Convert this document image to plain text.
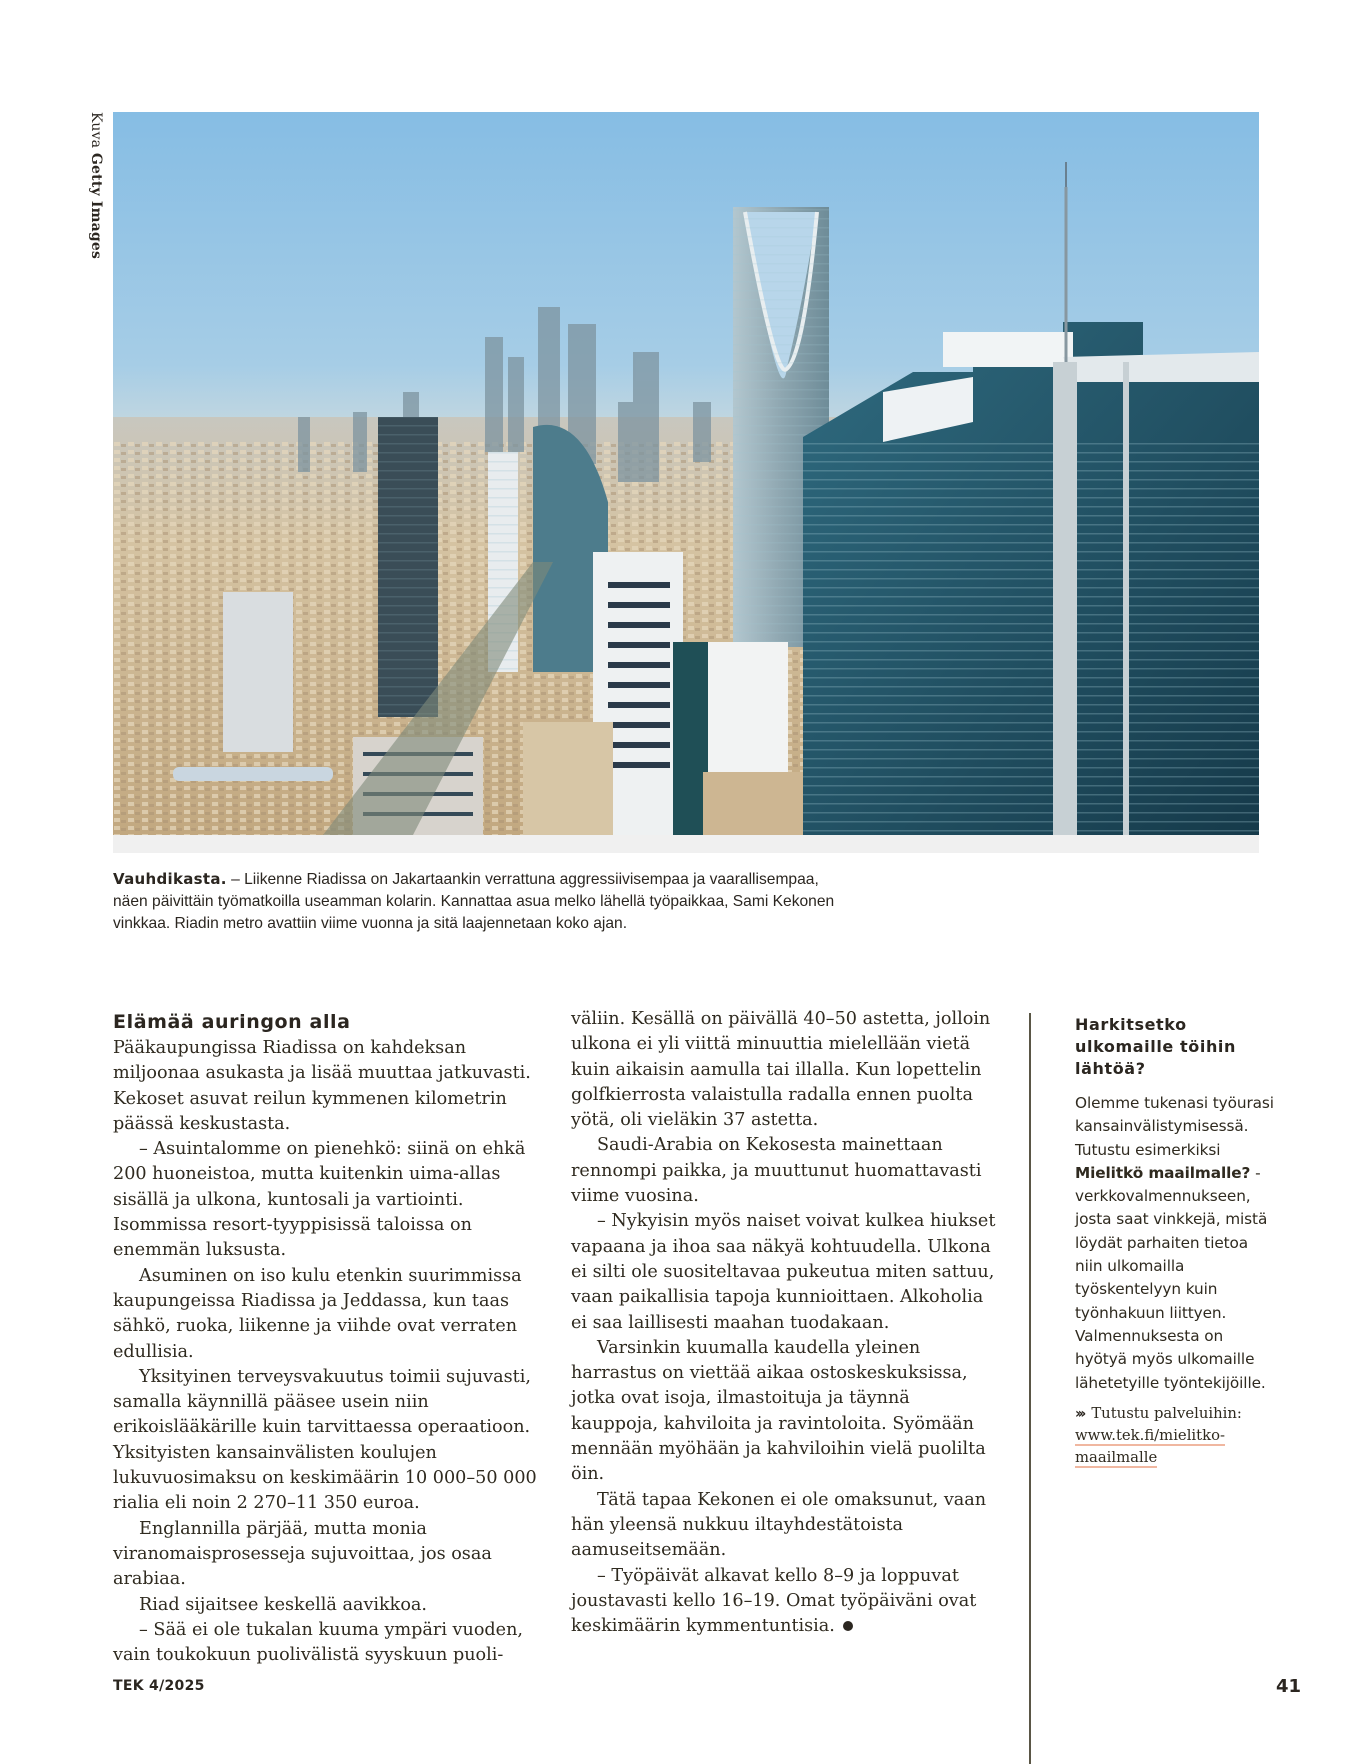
Kuva Getty Images
Vauhdikasta. – Liikenne Riadissa on Jakartaankin verrattuna aggressiivisempaa ja vaarallisempaa, näen päivittäin työmatkoilla useamman kolarin. Kannattaa asua melko lähellä työpaikkaa, Sami Kekonen vinkkaa. Riadin metro avattiin viime vuonna ja sitä laajennetaan koko ajan.
Elämää auringon alla

Pääkaupungissa Riadissa on kahdeksan miljoonaa asukasta ja lisää muuttaa jatkuvasti. Kekoset asuvat reilun kymmenen kilometrin päässä keskustasta.

– Asuintalomme on pienehkö: siinä on ehkä 200 huoneistoa, mutta kuitenkin uima-allas sisällä ja ulkona, kuntosali ja vartiointi. Isommissa resort-tyyppisissä taloissa on enemmän luksusta.

Asuminen on iso kulu etenkin suurimmissa kaupungeissa Riadissa ja Jeddassa, kun taas sähkö, ruoka, liikenne ja viihde ovat verraten edullisia.

Yksityinen terveysvakuutus toimii sujuvasti, samalla käynnillä pääsee usein niin erikoislääkärille kuin tarvittaessa operaatioon. Yksityisten kansainvälisten koulujen lukuvuosimaksu on keskimäärin 10 000–50 000 rialia eli noin 2 270–11 350 euroa.

Englannilla pärjää, mutta monia viranomaisprosesseja sujuvoittaa, jos osaa arabiaa.

Riad sijaitsee keskellä aavikkoa.

– Sää ei ole tukalan kuuma ympäri vuoden, vain toukokuun puolivälistä syyskuun puoli-

väliin. Kesällä on päivällä 40–50 astetta, jolloin ulkona ei yli viittä minuuttia mielellään vietä kuin aikaisin aamulla tai illalla. Kun lopettelin golfkierrosta valaistulla radalla ennen puolta yötä, oli vieläkin 37 astetta.

Saudi-Arabia on Kekosesta mainettaan rennompi paikka, ja muuttunut huomattavasti viime vuosina.

– Nykyisin myös naiset voivat kulkea hiukset vapaana ja ihoa saa näkyä kohtuudella. Ulkona ei silti ole suositeltavaa pukeutua miten sattuu, vaan paikallisia tapoja kunnioittaen. Alkoholia ei saa laillisesti maahan tuodakaan.

Varsinkin kuumalla kaudella yleinen harrastus on viettää aikaa ostoskeskuksissa, jotka ovat isoja, ilmastoituja ja täynnä kauppoja, kahviloita ja ravintoloita. Syömään mennään myöhään ja kahviloihin vielä puolilta öin.

Tätä tapaa Kekonen ei ole omaksunut, vaan hän yleensä nukkuu iltayhdestätoista aamuseitsemään.

– Työpäivät alkavat kello 8–9 ja loppuvat joustavasti kello 16–19. Omat työpäiväni ovat keskimäärin kymmentuntisia.

Harkitsetko ulkomaille töihin lähtöä?
Olemme tukenasi työurasi kansainvälistymisessä. Tutustu esimerkiksi Mielitkö maailmalle? -verkkovalmennukseen, josta saat vinkkejä, mistä löydät parhaiten tietoa niin ulkomailla työskentelyyn kuin työnhakuun liittyen. Valmennuksesta on hyötyä myös ulkomaille lähetetyille työntekijöille.
››› Tutustu palveluihin:
www.tek.fi/mielitko-maailmalle
TEK 4/2025	41
